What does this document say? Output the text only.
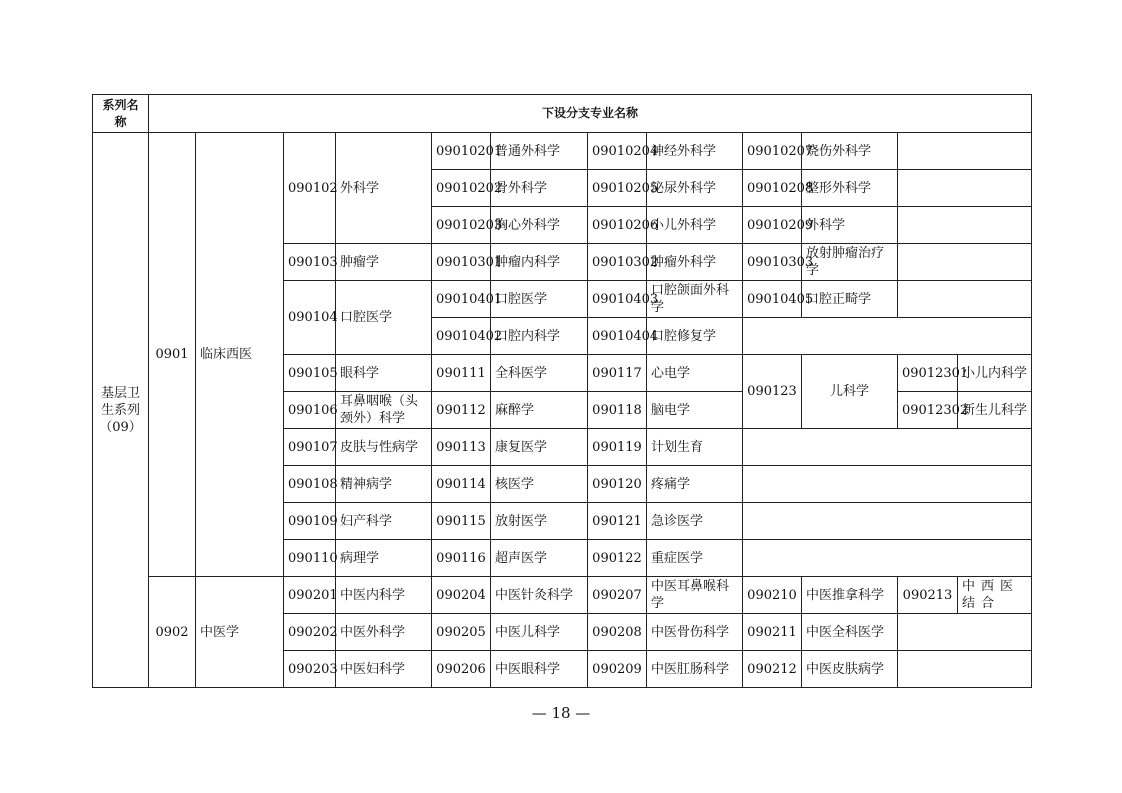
系列名称	下设分支专业名称											
基层卫生系列（09）	0901	临床西医	090102	外科学	09010201	普通外科学	09010204	神经外科学	09010207	烧伤外科学		
					09010202	骨外科学	09010205	泌尿外科学	09010208	整形外科学		
					09010203	胸心外科学	09010206	小儿外科学	09010209	外科学		
			090103	肿瘤学	09010301	肿瘤内科学	09010302	肿瘤外科学	09010303	放射肿瘤治疗学		
			090104	口腔医学	09010401	口腔医学	09010403	口腔颌面外科学	09010405	口腔正畸学		
					09010402	口腔内科学	09010404	口腔修复学				
			090105	眼科学	090111	全科医学	090117	心电学	090123	儿科学	09012301	小儿内科学
			090106	耳鼻咽喉（头颈外）科学	090112	麻醉学	090118	脑电学			09012302	新生儿科学
			090107	皮肤与性病学	090113	康复医学	090119	计划生育				
			090108	精神病学	090114	核医学	090120	疼痛学				
			090109	妇产科学	090115	放射医学	090121	急诊医学				
			090110	病理学	090116	超声医学	090122	重症医学				
	0902	中医学	090201	中医内科学	090204	中医针灸科学	090207	中医耳鼻喉科学	090210	中医推拿科学	090213	中西医结合
			090202	中医外科学	090205	中医儿科学	090208	中医骨伤科学	090211	中医全科医学		
			090203	中医妇科学	090206	中医眼科学	090209	中医肛肠科学	090212	中医皮肤病学		
— 18 —
